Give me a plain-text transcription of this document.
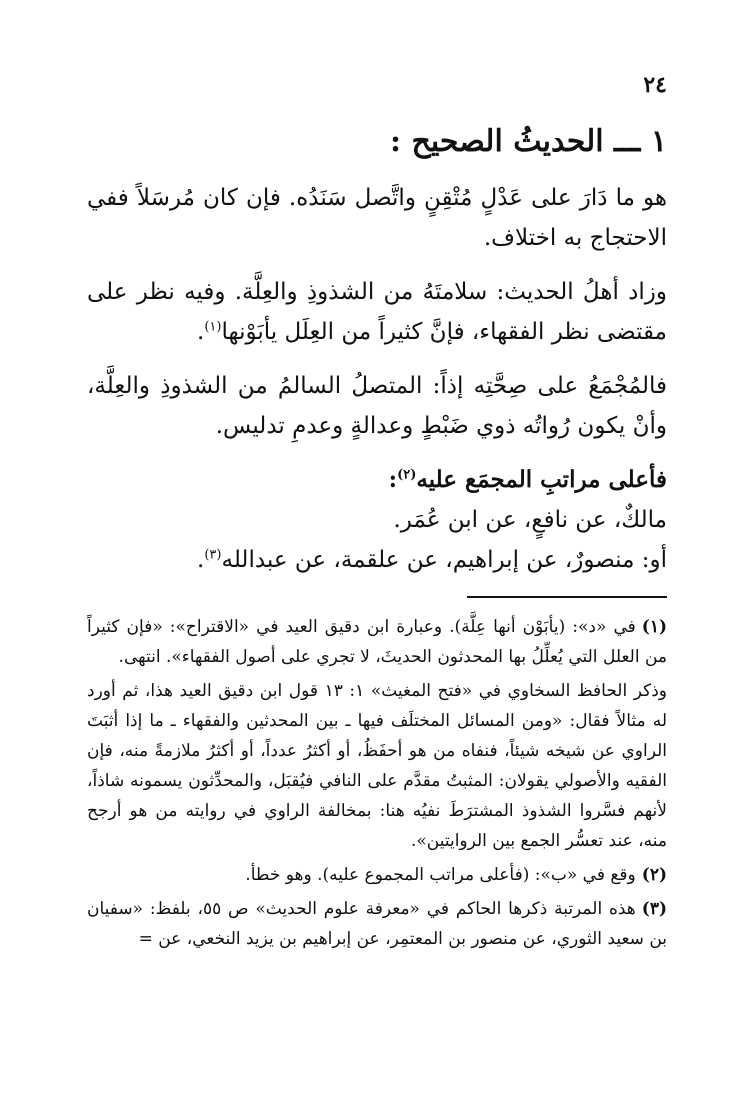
٢٤
١ ـــ الحديثُ الصحيح :

هو ما دَارَ على عَدْلٍ مُتْقِنٍ واتَّصل سَنَدُه. فإن كان مُرسَلاً ففي الاحتجاج به اختلاف.

وزاد أهلُ الحديث: سلامتَهُ من الشذوذِ والعِلَّة. وفيه نظر على مقتضى نظر الفقهاء، فإنَّ كثيراً من العِلَل يأبَوْنها$^{(١)}$.

فالمُجْمَعُ على صِحَّتِه إذاً: المتصلُ السالمُ من الشذوذِ والعِلَّة، وأنْ يكون رُواتُه ذوي ضَبْطٍ وعدالةٍ وعدمِ تدليس.

فأعلى مراتبِ المجمَع عليه$^{(٢)}$:

مالكٌ، عن نافعٍ، عن ابن عُمَر.

أو: منصورٌ، عن إبراهيم، عن علقمة، عن عبدالله$^{(٣)}$.

(١)في «د»: (يأبَوْن أنها عِلَّة). وعبارة ابن دقيق العيد في «الاقتراح»: «فإن كثيراً من العلل التي يُعلِّلُ بها المحدثون الحديثَ، لا تجري على أصول الفقهاء». انتهى.

وذكر الحافظ السخاوي في «فتح المغيث» ١: ١٣ قول ابن دقيق العيد هذا، ثم أورد له مثالاً فقال: «ومن المسائل المختلَف فيها ـ بين المحدثين والفقهاء ـ ما إذا أثبَتَ الراوي عن شيخه شيئاً، فنفاه من هو أحفَظُ، أو أكثرُ عدداً، أو أكثرُ ملازمةً منه، فإن الفقيه والأصولي يقولان: المثبتُ مقدَّم على النافي فيُقبَل، والمحدِّثون يسمونه شاذاً، لأنهم فسَّروا الشذوذ المشترَطَ نفيُه هنا: بمخالفة الراوي في روايته من هو أرجح منه، عند تعسُّر الجمع بين الروايتين».

(٢)وقع في «ب»: (فأعلى مراتب المجموع عليه). وهو خطأ.

(٣)هذه المرتبة ذكرها الحاكم في «معرفة علوم الحديث» ص ٥٥، بلفظ: «سفيان بن سعيد الثوري، عن منصور بن المعتمِر، عن إبراهيم بن يزيد النخعي، عن =
